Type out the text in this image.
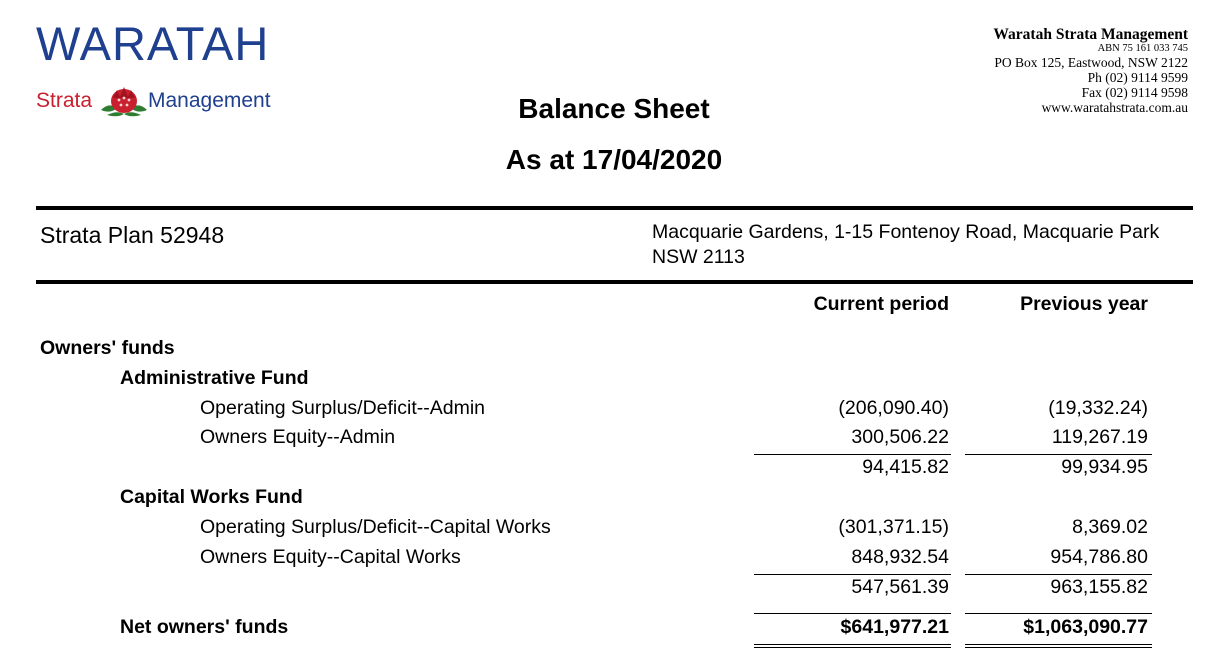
WARATAH
Strata	Management
Waratah Strata Management
ABN 75 161 033 745
PO Box 125, Eastwood, NSW 2122
Ph (02) 9114 9599
Fax (02) 9114 9598
www.waratahstrata.com.au
Balance Sheet
As at 17/04/2020
Strata Plan 52948	Macquarie Gardens, 1-15 Fontenoy Road, Macquarie Park NSW 2113
Current period	Previous year
Owners' funds
Administrative Fund
Operating Surplus/Deficit--Admin	(206,090.40)	(19,332.24)
Owners Equity--Admin	300,506.22	119,267.19
94,415.82	99,934.95
Capital Works Fund
Operating Surplus/Deficit--Capital Works	(301,371.15)	8,369.02
Owners Equity--Capital Works	848,932.54	954,786.80
547,561.39	963,155.82
Net owners' funds	$641,977.21	$1,063,090.77
